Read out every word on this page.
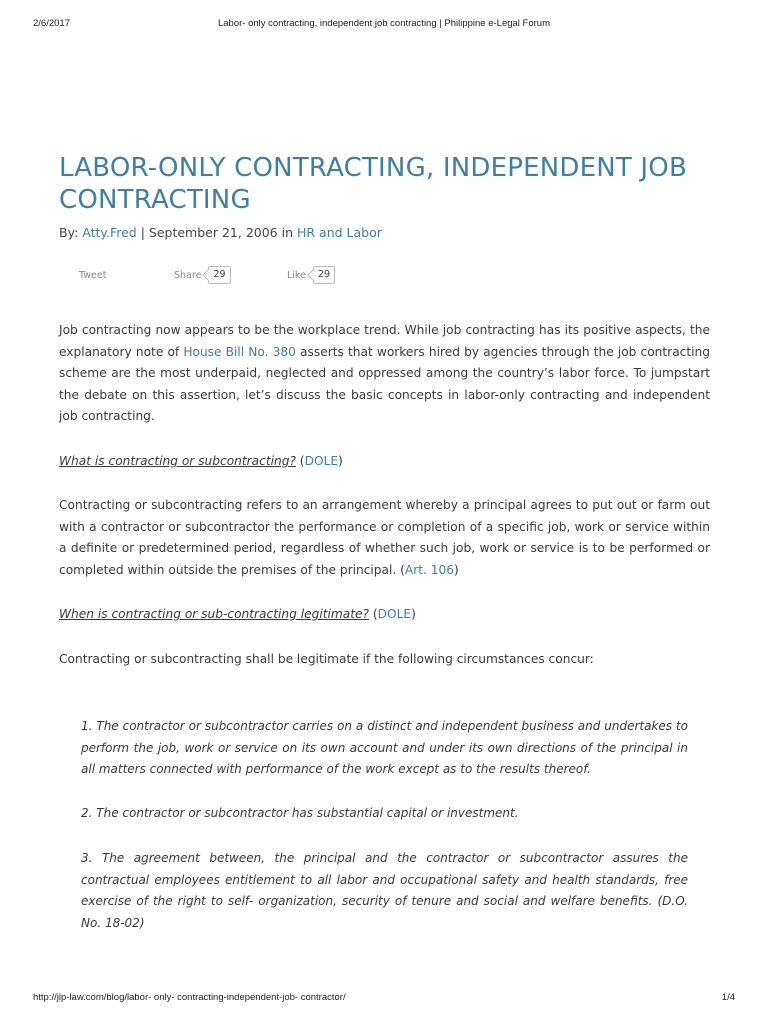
2/6/2017	Labor- only contracting, independent job contracting | Philippine e-Legal Forum
LABOR-ONLY CONTRACTING, INDEPENDENT JOB CONTRACTING
By: Atty.Fred | September 21, 2006 in HR and Labor
Tweet	Share	29	Like	29

Job contracting now appears to be the workplace trend. While job contracting has its positive aspects, the explanatory note of House Bill No. 380 asserts that workers hired by agencies through the job contracting scheme are the most underpaid, neglected and oppressed among the country’s labor force. To jumpstart the debate on this assertion, let’s discuss the basic concepts in labor-only contracting and independent job contracting.

What is contracting or subcontracting? (DOLE)

Contracting or subcontracting refers to an arrangement whereby a principal agrees to put out or farm out with a contractor or subcontractor the performance or completion of a specific job, work or service within a definite or predetermined period, regardless of whether such job, work or service is to be performed or completed within outside the premises of the principal. (Art. 106)

When is contracting or sub-contracting legitimate? (DOLE)

Contracting or subcontracting shall be legitimate if the following circumstances concur:

1. The contractor or subcontractor carries on a distinct and independent business and undertakes to perform the job, work or service on its own account and under its own directions of the principal in all matters connected with performance of the work except as to the results thereof.

2. The contractor or subcontractor has substantial capital or investment.

3. The agreement between, the principal and the contractor or subcontractor assures the contractual employees entitlement to all labor and occupational safety and health standards, free exercise of the right to self- organization, security of tenure and social and welfare benefits. (D.O. No. 18-02)

http://jlp-law.com/blog/labor- only- contracting-independent-job- contractor/	1/4
